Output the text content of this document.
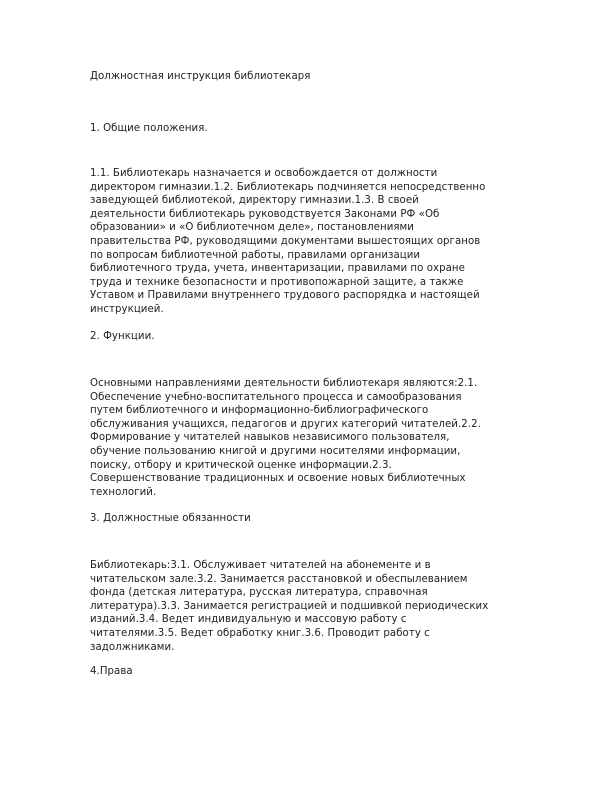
Должностная инструкция библиотекаря
1. Общие положения.
1.1. Библиотекарь назначается и освобождается от должности
директором гимназии.1.2. Библиотекарь подчиняется непосредственно
заведующей библиотекой, директору гимназии.1.3. В своей
деятельности библиотекарь руководствуется Законами РФ «Об
образовании» и «О библиотечном деле», постановлениями
правительства РФ, руководящими документами вышестоящих органов
по вопросам библиотечной работы, правилами организации
библиотечного труда, учета, инвентаризации, правилами по охране
труда и технике безопасности и противопожарной защите, а также
Уставом и Правилами внутреннего трудового распорядка и настоящей
инструкцией.
2. Функции.
Основными направлениями деятельности библиотекаря являются:2.1.
Обеспечение учебно-воспитательного процесса и самообразования
путем библиотечного и информационно-библиографического
обслуживания учащихся, педагогов и других категорий читателей.2.2.
Формирование у читателей навыков независимого пользователя,
обучение пользованию книгой и другими носителями информации,
поиску, отбору и критической оценке информации.2.3.
Совершенствование традиционных и освоение новых библиотечных
технологий.
3. Должностные обязанности
Библиотекарь:3.1. Обслуживает читателей на абонементе и в
читательском зале.3.2. Занимается расстановкой и обеспылеванием
фонда (детская литература, русская литература, справочная
литература).3.3. Занимается регистрацией и подшивкой периодических
изданий.3.4. Ведет индивидуальную и массовую работу с
читателями.3.5. Ведет обработку книг.3.6. Проводит работу с
задолжниками.
4.Права
